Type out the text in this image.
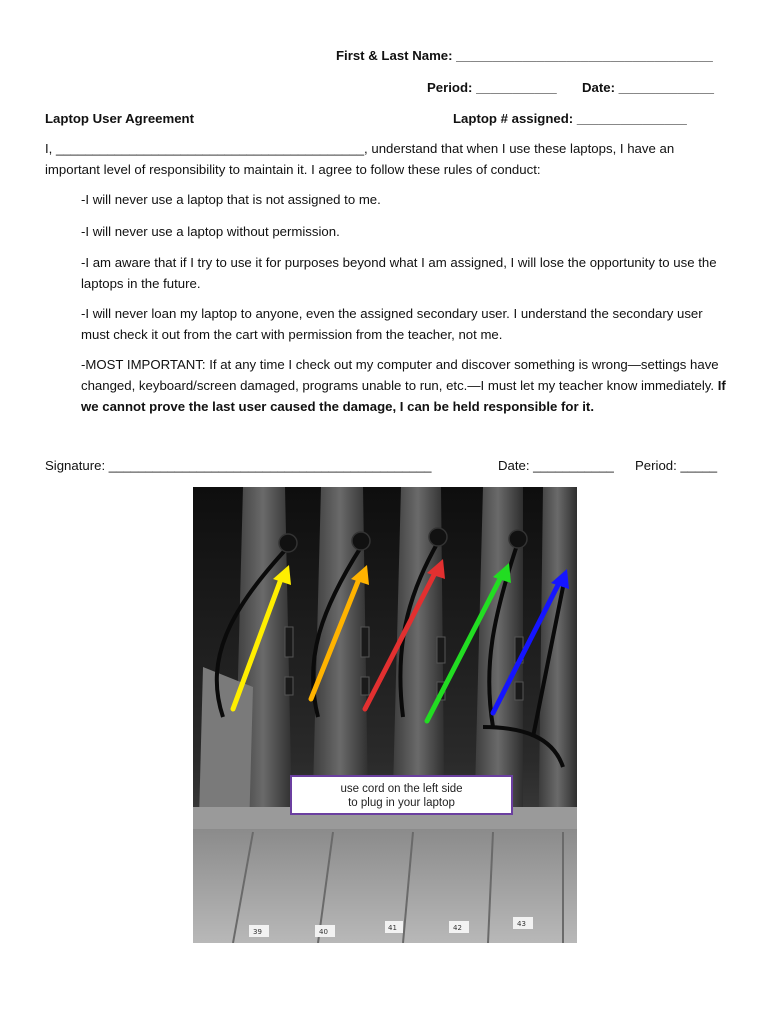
First & Last Name: ___________________________________
Period: ___________ Date: _____________
Laptop User Agreement	Laptop # assigned: _______________
I, __________________________________________, understand that when I use these laptops, I have an
important level of responsibility to maintain it. I agree to follow these rules of conduct:
-I will never use a laptop that is not assigned to me.
-I will never use a laptop without permission.
-I am aware that if I try to use it for purposes beyond what I am assigned, I will lose the opportunity to use the laptops in the future.
-I will never loan my laptop to anyone, even the assigned secondary user. I understand the secondary user must check it out from the cart with permission from the teacher, not me.
-MOST IMPORTANT: If at any time I check out my computer and discover something is wrong—settings have changed, keyboard/screen damaged, programs unable to run, etc.—I must let my teacher know immediately. If we cannot prove the last user caused the damage, I can be held responsible for it.
Signature: ____________________________________________	Date: ___________ Period: _____
39	40	41	42	43
use cord on the left side
to plug in your laptop
